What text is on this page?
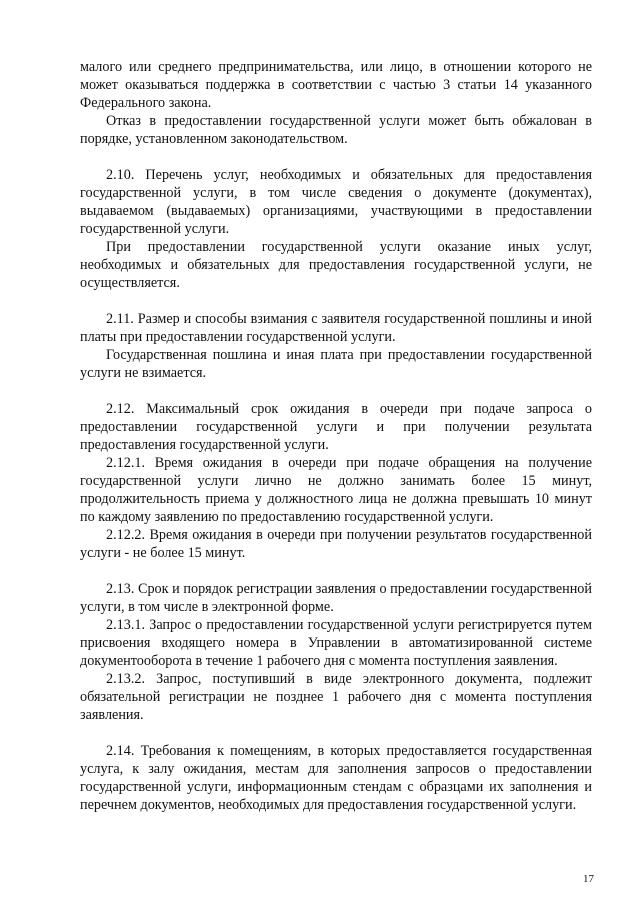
малого или среднего предпринимательства, или лицо, в отношении которого не может оказываться поддержка в соответствии с частью 3 статьи 14 указанного Федерального закона.

Отказ в предоставлении государственной услуги может быть обжалован в порядке, установленном законодательством.

2.10. Перечень услуг, необходимых и обязательных для предоставления государственной услуги, в том числе сведения о документе (документах), выдаваемом (выдаваемых) организациями, участвующими в предоставлении государственной услуги.

При предоставлении государственной услуги оказание иных услуг, необходимых и обязательных для предоставления государственной услуги, не осуществляется.

2.11. Размер и способы взимания с заявителя государственной пошлины и иной платы при предоставлении государственной услуги.

Государственная пошлина и иная плата при предоставлении государственной услуги не взимается.

2.12. Максимальный срок ожидания в очереди при подаче запроса о предоставлении государственной услуги и при получении результата предоставления государственной услуги.

2.12.1. Время ожидания в очереди при подаче обращения на получение государственной услуги лично не должно занимать более 15 минут, продолжительность приема у должностного лица не должна превышать 10 минут по каждому заявлению по предоставлению государственной услуги.

2.12.2. Время ожидания в очереди при получении результатов государственной услуги - не более 15 минут.

2.13. Срок и порядок регистрации заявления о предоставлении государственной услуги, в том числе в электронной форме.

2.13.1. Запрос о предоставлении государственной услуги регистрируется путем присвоения входящего номера в Управлении в автоматизированной системе документооборота в течение 1 рабочего дня с момента поступления заявления.

2.13.2. Запрос, поступивший в виде электронного документа, подлежит обязательной регистрации не позднее 1 рабочего дня с момента поступления заявления.

2.14. Требования к помещениям, в которых предоставляется государственная услуга, к залу ожидания, местам для заполнения запросов о предоставлении государственной услуги, информационным стендам с образцами их заполнения и перечнем документов, необходимых для предоставления государственной услуги.

17
